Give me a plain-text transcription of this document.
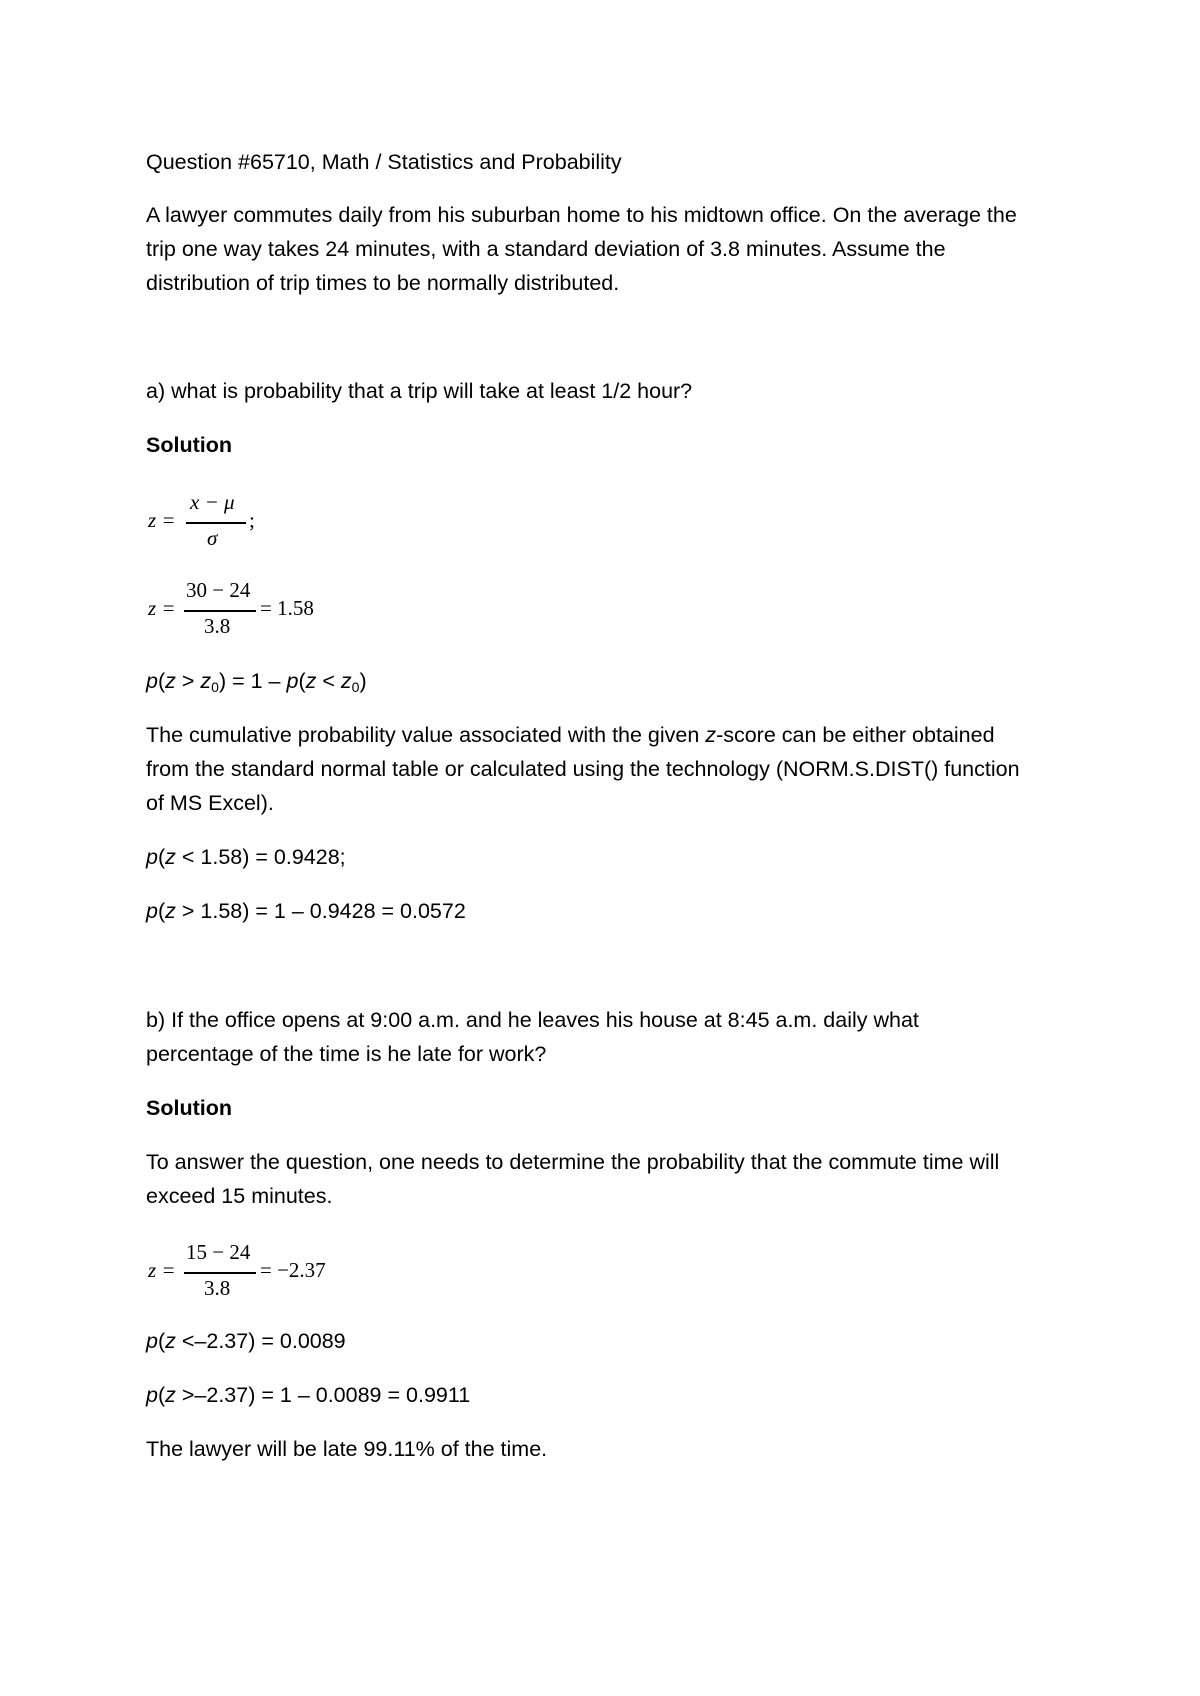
Question #65710, Math / Statistics and Probability
A lawyer commutes daily from his suburban home to his midtown office. On the average the
trip one way takes 24 minutes, with a standard deviation of 3.8 minutes. Assume the
distribution of trip times to be normally distributed.
a) what is probability that a trip will take at least 1/2 hour?
Solution
z =
x − μ
σ
;
z =
30 − 24
3.8
= 1.58
$p(z > z_0) = 1 - p(z < z_0)$
The cumulative probability value associated with the given z-score can be either obtained
from the standard normal table or calculated using the technology (NORM.S.DIST() function
of MS Excel).
p(z < 1.58) = 0.9428;
p(z > 1.58) = 1 – 0.9428 = 0.0572
b) If the office opens at 9:00 a.m. and he leaves his house at 8:45 a.m. daily what
percentage of the time is he late for work?
Solution
To answer the question, one needs to determine the probability that the commute time will
exceed 15 minutes.
z =
15 − 24
3.8
= −2.37
p(z <–2.37) = 0.0089
p(z >–2.37) = 1 – 0.0089 = 0.9911
The lawyer will be late 99.11% of the time.
